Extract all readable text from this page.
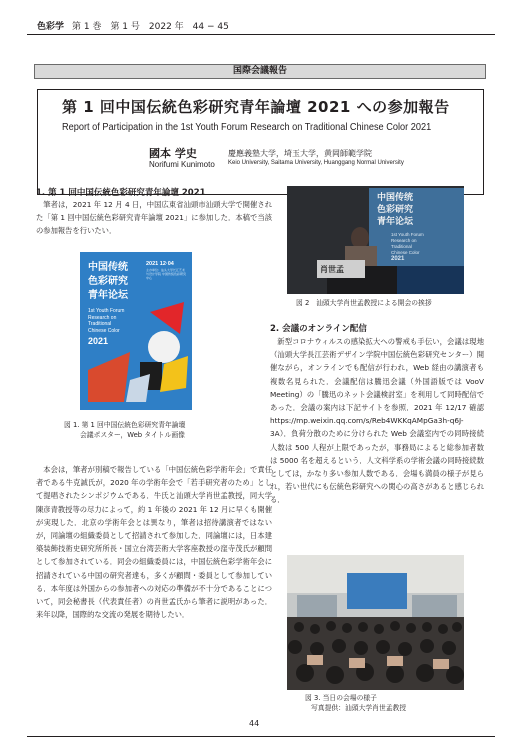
色彩学 第 1 巻　第 1 号　2022 年　44 − 45
国際会議報告
第 1 回中国伝統色彩研究青年論壇 2021 への参加報告
Report of Participation in the 1st Youth Forum Research on Traditional Chinese Color 2021
國本 学史
Norifumi Kunimoto
慶應義塾大学，埼玉大学，黄岡師範学院
Keio University, Saitama University, Huanggang Normal University
1. 第 1 回中国伝統色彩研究青年論壇 2021

筆者は，2021 年 12 月 4 日，中国広東省汕頭市汕頭大学で開催された「第 1 回中国伝統色彩研究青年論壇 2021」に参加した．本稿で当該の参加報告を行いたい．

2021 12·04
主办单位：汕头大学长江艺术与设计学院 中国传统色彩研究中心
中国传统
色彩研究
青年论坛
1st Youth Forum
Research on
Traditional
Chinese Color
2021
図 1. 第 1 回中国伝統色彩研究青年論壇
会議ポスター，Web タイトル画像

本会は，筆者が別稿で報告している「中国伝統色彩学術年会」で責任者である牛克誠氏が，2020 年の学術年会で「若手研究者のため」として提唱されたシンポジウムである．牛氏と汕頭大学肖世孟教授，同大学陳彦青教授等の尽力によって，約 1 年後の 2021 年 12 月に早くも開催が実現した．北京の学術年会とは異なり，筆者は招待講演者ではないが，同論壇の組織委員として招請されて参加した．同論壇には，日本建築装飾技術史研究所所長・国立台湾芸術大学客座教授の窪寺茂氏が顧問として参加されている．同会の組織委員には，中国伝統色彩学術年会に招請されている中国の研究者達も，多くが顧問・委員として参加している．本年度は外国からの参加者への対応の準備が不十分であることについて，同会秘書長（代表責任者）の肖世孟氏から筆者に説明があった．来年以降，国際的な交流の発展を期待したい．

中国传统
色彩研究
青年论坛
1st Youth Forum
Research on
Traditional
Chinese Color
2021
肖世孟
図 2　汕頭大学肖世孟教授による開会の挨拶
2. 会議のオンライン配信

新型コロナウィルスの感染拡大への警戒も手伝い，会議は現地（汕頭大学長江芸術デザイン学院中国伝統色彩研究センター）開催ながら，オンラインでも配信が行われ，Web 経由の講演者も複数名見られた．会議配信は騰迅会議（外国語版では VooV Meeting）の「騰迅のネット会議検討室」を利用して同時配信であった．会議の案内は下記サイトを参照．2021 年 12/17 確認 https://mp.weixin.qq.com/s/Reb4WKKqAMpGa3h-q6J-3A）．負荷分散のために分けられた Web 会議室内での同時接続人数は 500 人程が上限であったが，事務局によると総参加者数は 5000 名を超えるという．人文科学系の学術会議の同時接続数としては，かなり多い参加人数である．会場も満員の様子が見られ，若い世代にも伝統色彩研究への関心の高さがあると感じられる．

図 3. 当日の会場の様子
写真提供：汕頭大学肖世孟教授
44
